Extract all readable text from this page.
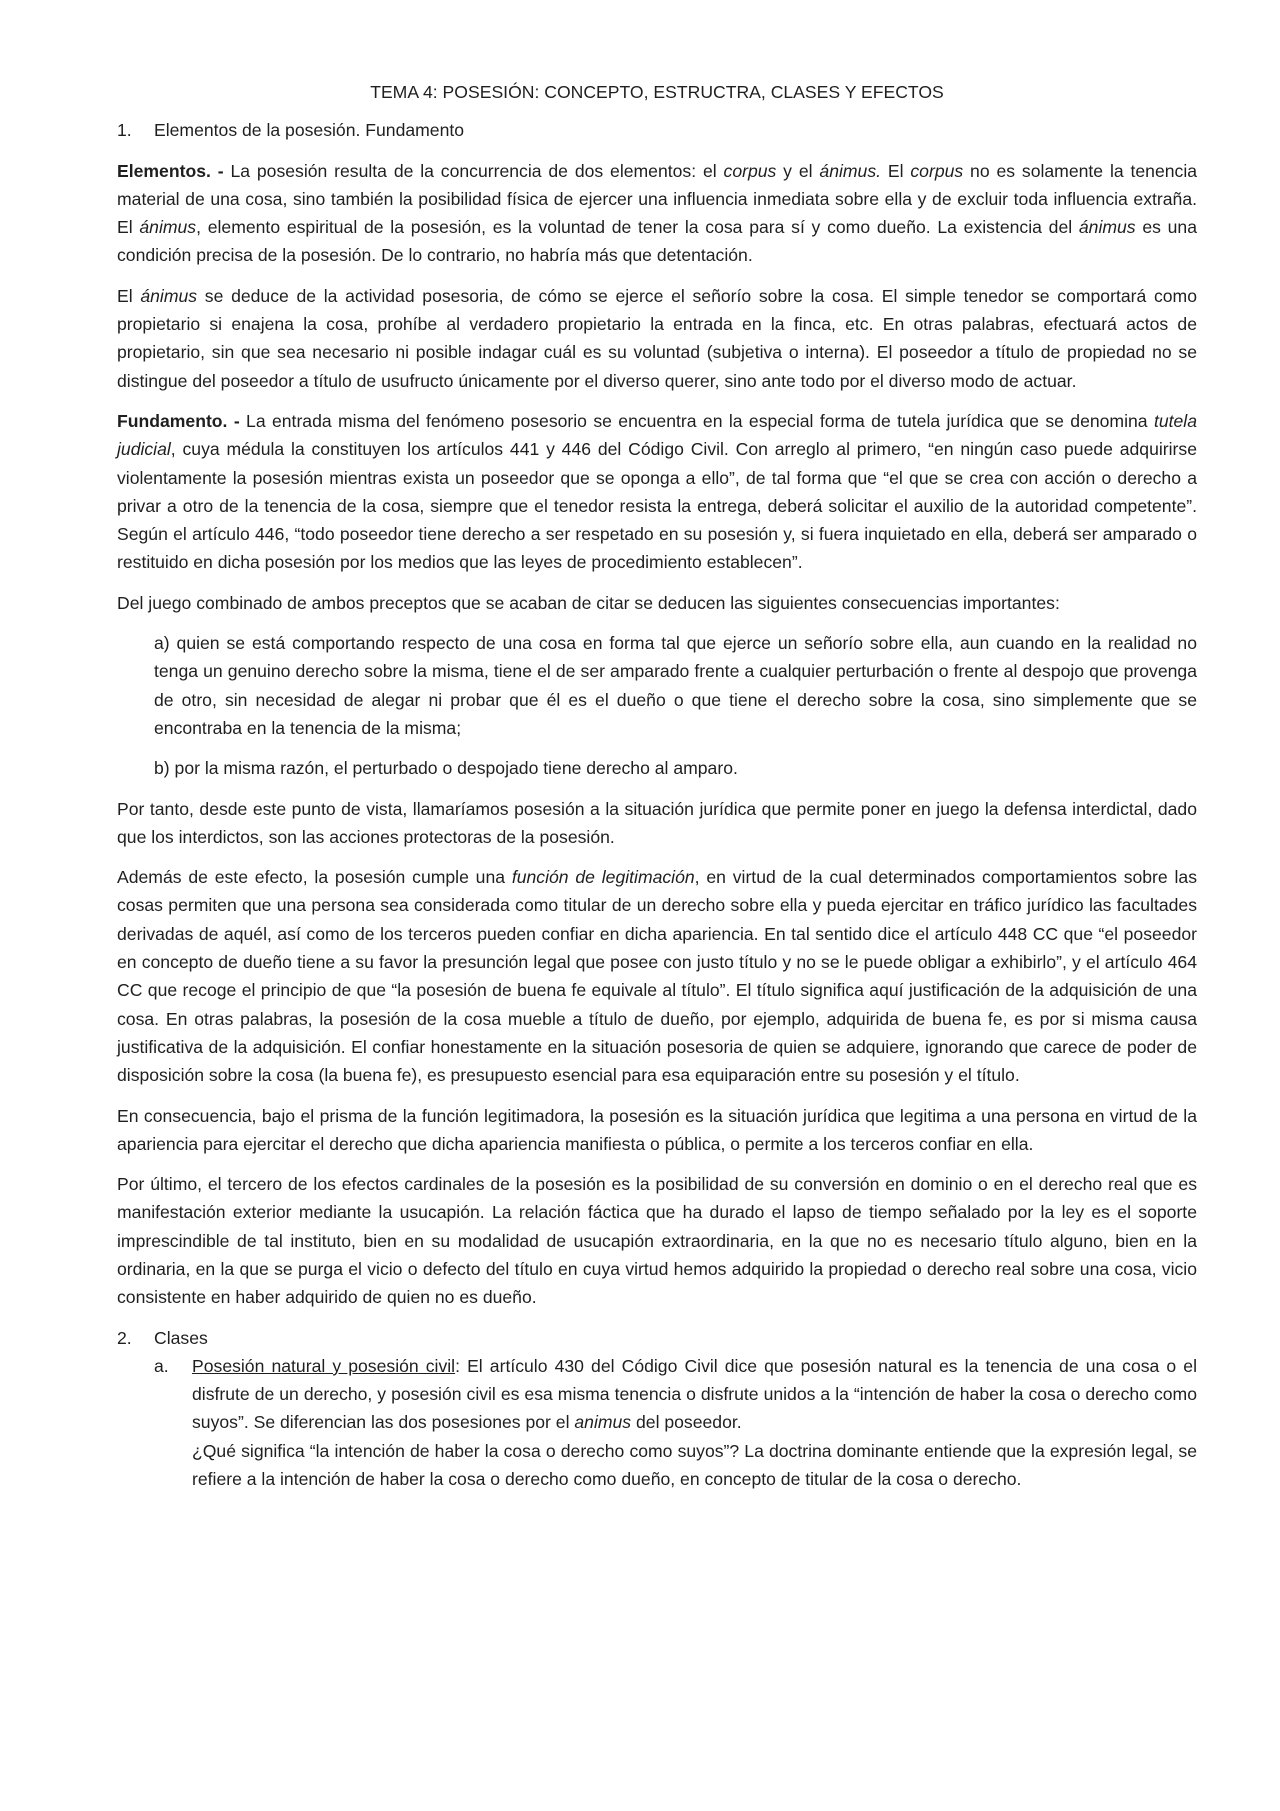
TEMA 4: POSESIÓN: CONCEPTO, ESTRUCTRA, CLASES Y EFECTOS
1.	Elementos de la posesión. Fundamento

Elementos. - La posesión resulta de la concurrencia de dos elementos: el corpus y el ánimus. El corpus no es solamente la tenencia material de una cosa, sino también la posibilidad física de ejercer una influencia inmediata sobre ella y de excluir toda influencia extraña. El ánimus, elemento espiritual de la posesión, es la voluntad de tener la cosa para sí y como dueño. La existencia del ánimus es una condición precisa de la posesión. De lo contrario, no habría más que detentación.

El ánimus se deduce de la actividad posesoria, de cómo se ejerce el señorío sobre la cosa. El simple tenedor se comportará como propietario si enajena la cosa, prohíbe al verdadero propietario la entrada en la finca, etc. En otras palabras, efectuará actos de propietario, sin que sea necesario ni posible indagar cuál es su voluntad (subjetiva o interna). El poseedor a título de propiedad no se distingue del poseedor a título de usufructo únicamente por el diverso querer, sino ante todo por el diverso modo de actuar.

Fundamento. - La entrada misma del fenómeno posesorio se encuentra en la especial forma de tutela jurídica que se denomina tutela judicial, cuya médula la constituyen los artículos 441 y 446 del Código Civil. Con arreglo al primero, “en ningún caso puede adquirirse violentamente la posesión mientras exista un poseedor que se oponga a ello”, de tal forma que “el que se crea con acción o derecho a privar a otro de la tenencia de la cosa, siempre que el tenedor resista la entrega, deberá solicitar el auxilio de la autoridad competente”. Según el artículo 446, “todo poseedor tiene derecho a ser respetado en su posesión y, si fuera inquietado en ella, deberá ser amparado o restituido en dicha posesión por los medios que las leyes de procedimiento establecen”.

Del juego combinado de ambos preceptos que se acaban de citar se deducen las siguientes consecuencias importantes:

a) quien se está comportando respecto de una cosa en forma tal que ejerce un señorío sobre ella, aun cuando en la realidad no tenga un genuino derecho sobre la misma, tiene el de ser amparado frente a cualquier perturbación o frente al despojo que provenga de otro, sin necesidad de alegar ni probar que él es el dueño o que tiene el derecho sobre la cosa, sino simplemente que se encontraba en la tenencia de la misma;
b) por la misma razón, el perturbado o despojado tiene derecho al amparo.

Por tanto, desde este punto de vista, llamaríamos posesión a la situación jurídica que permite poner en juego la defensa interdictal, dado que los interdictos, son las acciones protectoras de la posesión.

Además de este efecto, la posesión cumple una función de legitimación, en virtud de la cual determinados comportamientos sobre las cosas permiten que una persona sea considerada como titular de un derecho sobre ella y pueda ejercitar en tráfico jurídico las facultades derivadas de aquél, así como de los terceros pueden confiar en dicha apariencia. En tal sentido dice el artículo 448 CC que “el poseedor en concepto de dueño tiene a su favor la presunción legal que posee con justo título y no se le puede obligar a exhibirlo”, y el artículo 464 CC que recoge el principio de que “la posesión de buena fe equivale al título”. El título significa aquí justificación de la adquisición de una cosa. En otras palabras, la posesión de la cosa mueble a título de dueño, por ejemplo, adquirida de buena fe, es por si misma causa justificativa de la adquisición. El confiar honestamente en la situación posesoria de quien se adquiere, ignorando que carece de poder de disposición sobre la cosa (la buena fe), es presupuesto esencial para esa equiparación entre su posesión y el título.

En consecuencia, bajo el prisma de la función legitimadora, la posesión es la situación jurídica que legitima a una persona en virtud de la apariencia para ejercitar el derecho que dicha apariencia manifiesta o pública, o permite a los terceros confiar en ella.

Por último, el tercero de los efectos cardinales de la posesión es la posibilidad de su conversión en dominio o en el derecho real que es manifestación exterior mediante la usucapión. La relación fáctica que ha durado el lapso de tiempo señalado por la ley es el soporte imprescindible de tal instituto, bien en su modalidad de usucapión extraordinaria, en la que no es necesario título alguno, bien en la ordinaria, en la que se purga el vicio o defecto del título en cuya virtud hemos adquirido la propiedad o derecho real sobre una cosa, vicio consistente en haber adquirido de quien no es dueño.

2.	Clases
a.	Posesión natural y posesión civil: El artículo 430 del Código Civil dice que posesión natural es la tenencia de una cosa o el disfrute de un derecho, y posesión civil es esa misma tenencia o disfrute unidos a la “intención de haber la cosa o derecho como suyos”. Se diferencian las dos posesiones por el animus del poseedor.

¿Qué significa “la intención de haber la cosa o derecho como suyos”? La doctrina dominante entiende que la expresión legal, se refiere a la intención de haber la cosa o derecho como dueño, en concepto de titular de la cosa o derecho.
